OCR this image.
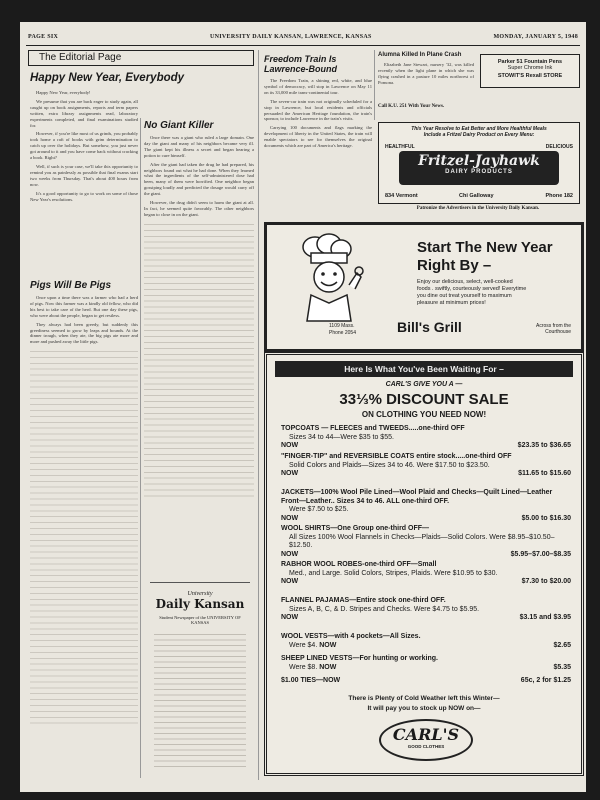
PAGE SIX	UNIVERSITY DAILY KANSAN, LAWRENCE, KANSAS	MONDAY, JANUARY 5, 1948
The Editorial Page
Happy New Year, Everybody

Happy New Year, everybody!

We presume that you are back eager to study again, all caught up on book assignments, reports and term papers written, extra library assignments read, laboratory experiments completed, and final examinations studied for.

However, if you're like most of us grinds, you probably took home a raft of books with grim determination to catch up over the holidays. But somehow, you just never got around to it and you have come back without cracking a book. Right?

Well, if such is your case, we'll take this opportunity to remind you as painlessly as possible that final exams start two weeks from Thursday. That's about 400 hours from now.

It's a good opportunity to go to work on some of those New Year's resolutions.

Pigs Will Be Pigs

Once upon a time there was a farmer who had a herd of pigs. Now this farmer was a kindly old fellow, who did his best to take care of the herd. But one day these pigs, who were about the people, began to get restless.

They always had been greedy, but suddenly this greediness seemed to grow by leaps and bounds. At the dinner trough, when they ate, the big pigs ate more and more and pushed away the little pigs.

No Giant Killer

Once there was a giant who ruled a large domain. One day the giant and many of his neighbors became very ill. The giant kept his illness a secret and began hearing a potion to cure himself.

After the giant had taken the drug he had prepared, his neighbors found out what he had done. When they learned what the ingredients of the self-administered dose had been, many of them were horrified. One neighbor began gossiping loudly and predicted the dosage would carry off the giant.

However, the drug didn't seem to harm the giant at all. In fact, he seemed quite favorably. The other neighbors began to close in on the giant.

University
Daily Kansan
Student Newspaper of the UNIVERSITY OF KANSAS
Freedom Train Is Lawrence-Bound

The Freedom Train, a shining red, white, and blue symbol of democracy, will stop in Lawrence on May 11 on its 33,000 mile trans-continental tour.

The seven-car train was not originally scheduled for a stop in Lawrence, but local residents and officials persuaded the American Heritage foundation, the train's sponsor, to include Lawrence in the train's visits.

Carrying 100 documents and flags marking the development of liberty in the United States, the train will enable spectators to see for themselves the original documents which are part of America's heritage.

Alumna Killed In Plane Crash

Elizabeth Jane Stewart, nursery '32, was killed recently when the light plane in which she was flying crashed in a pasture 10 miles northwest of Pomona.

Call K.U. 251 With Your News.
Parker 51 Fountain Pens
Super Chrome Ink
STOWIT'S Rexall STORE
This Year Resolve to Eat Better and More Healthful Meals
Include a Fritzel Dairy Product on Every Menu:
HEALTHFUL	DELICIOUS
Fritzel-Jayhawk
DAIRY PRODUCTS
834 Vermont	Chi Galloway	Phone 182
Patronize the Advertisers in the University Daily Kansan.
Start The New Year
Right By –
Enjoy our delicious, select, well-cooked foods . swiftly, courteously served! Everytime you dine out treat yourself to maximum pleasure at minimum prices!
1109 Mass.
Phone 2054	Bill's Grill	Across from the Courthouse
Here Is What You've Been Waiting For –
CARL'S GIVE YOU A —
33⅓% DISCOUNT SALE
ON CLOTHING YOU NEED NOW!
TOPCOATS — FLEECES and TWEEDS.....one-third OFF
Sizes 34 to 44—Were $35 to $55.
NOW	$23.35 to $36.65
"FINGER-TIP" and REVERSIBLE COATS entire stock.....one-third OFF
Solid Colors and Plaids—Sizes 34 to 46. Were $17.50 to $23.50.
NOW	$11.65 to $15.60
JACKETS—100% Wool Pile Lined—Wool Plaid and Checks—Quilt Lined—Leather Front—Leather.. Sizes 34 to 46. ALL one-third OFF.
Were $7.50 to $25.
NOW	$5.00 to $16.30
WOOL SHIRTS—One Group one-third OFF—
All Sizes 100% Wool Flannels in Checks—Plaids—Solid Colors. Were $8.95–$10.50–$12.50.
NOW	$5.95–$7.00–$8.35
RABHOR WOOL ROBES-one-third OFF—Small
Med., and Large. Solid Colors, Stripes, Plaids. Were $10.95 to $30.
NOW	$7.30 to $20.00
FLANNEL PAJAMAS—Entire stock one-third OFF.
Sizes A, B, C, & D. Stripes and Checks. Were $4.75 to $5.95.
NOW	$3.15 and $3.95
WOOL VESTS—with 4 pockets—All Sizes.
Were $4. NOW	$2.65
SHEEP LINED VESTS—For hunting or working.
Were $8. NOW	$5.35
$1.00 TIES—NOW	65c, 2 for $1.25
There is Plenty of Cold Weather left this Winter—
It will pay you to stock up NOW on—
CARL'S
GOOD CLOTHES
